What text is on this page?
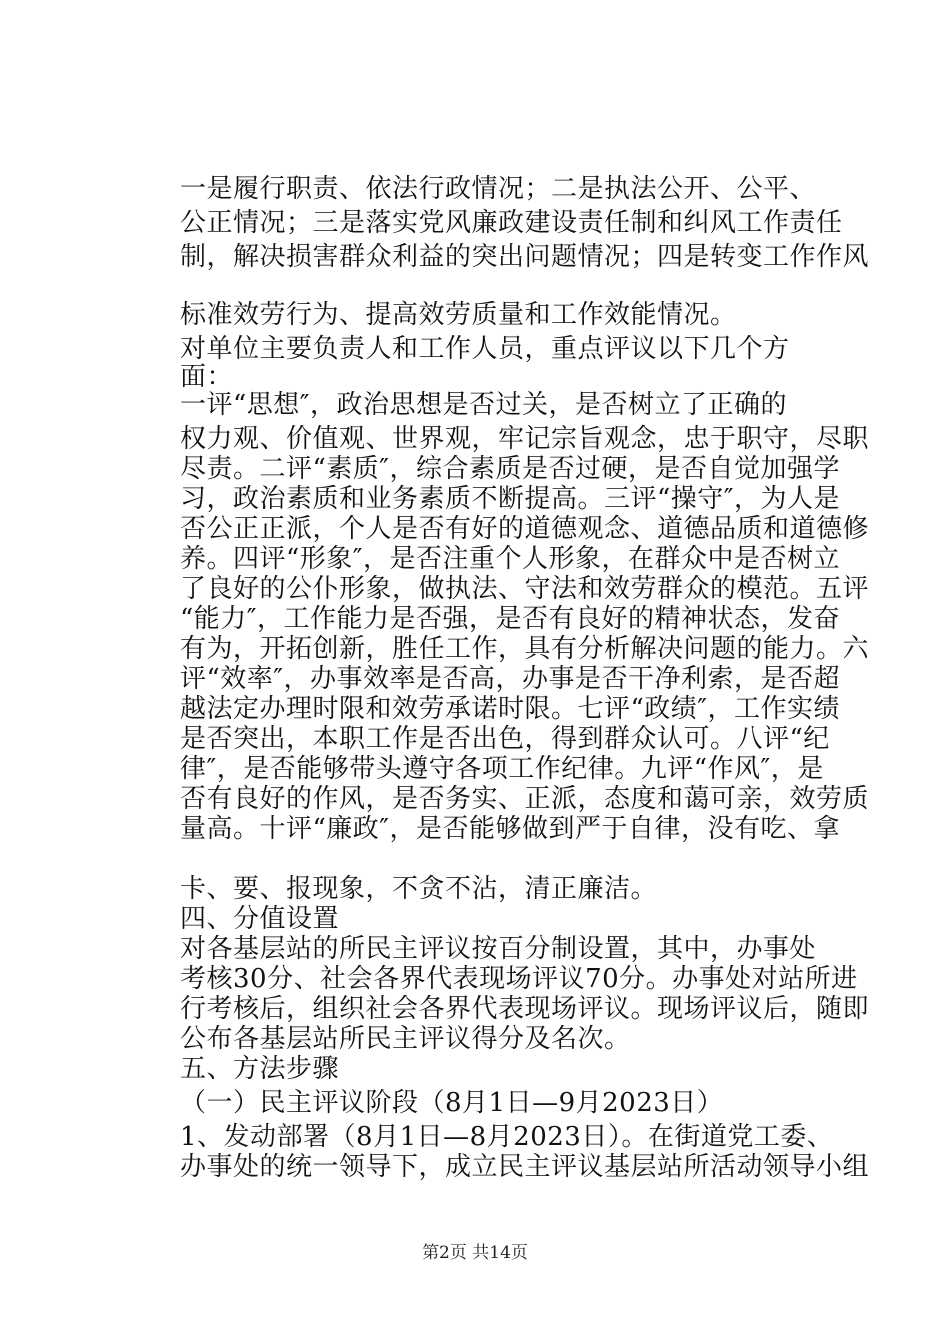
一是履行职责、依法行政情况；二是执法公开、公平、
公正情况；三是落实党风廉政建设责任制和纠风工作责任
制，解决损害群众利益的突出问题情况；四是转变工作作风
标准效劳行为、提高效劳质量和工作效能情况。
对单位主要负责人和工作人员，重点评议以下几个方
面：
一评“思想″，政治思想是否过关，是否树立了正确的
权力观、价值观、世界观，牢记宗旨观念，忠于职守，尽职
尽责。二评“素质″，综合素质是否过硬，是否自觉加强学
习，政治素质和业务素质不断提高。三评“操守″，为人是
否公正正派，个人是否有好的道德观念、道德品质和道德修
养。四评“形象″，是否注重个人形象，在群众中是否树立
了良好的公仆形象，做执法、守法和效劳群众的模范。五评
“能力″，工作能力是否强，是否有良好的精神状态，发奋
有为，开拓创新，胜任工作，具有分析解决问题的能力。六
评“效率″，办事效率是否高，办事是否干净利索，是否超
越法定办理时限和效劳承诺时限。七评“政绩″，工作实绩
是否突出，本职工作是否出色，得到群众认可。八评“纪
律″，是否能够带头遵守各项工作纪律。九评“作风″，是
否有良好的作风，是否务实、正派，态度和蔼可亲，效劳质
量高。十评“廉政″，是否能够做到严于自律，没有吃、拿
卡、要、报现象，不贪不沾，清正廉洁。
四、分值设置
对各基层站的所民主评议按百分制设置，其中，办事处
考核30分、社会各界代表现场评议70分。办事处对站所进
行考核后，组织社会各界代表现场评议。现场评议后，随即
公布各基层站所民主评议得分及名次。
五、方法步骤
（一）民主评议阶段（8月1日—9月2023日）
1、发动部署（8月1日—8月2023日）。在街道党工委、
办事处的统一领导下，成立民主评议基层站所活动领导小组
第2页 共14页
